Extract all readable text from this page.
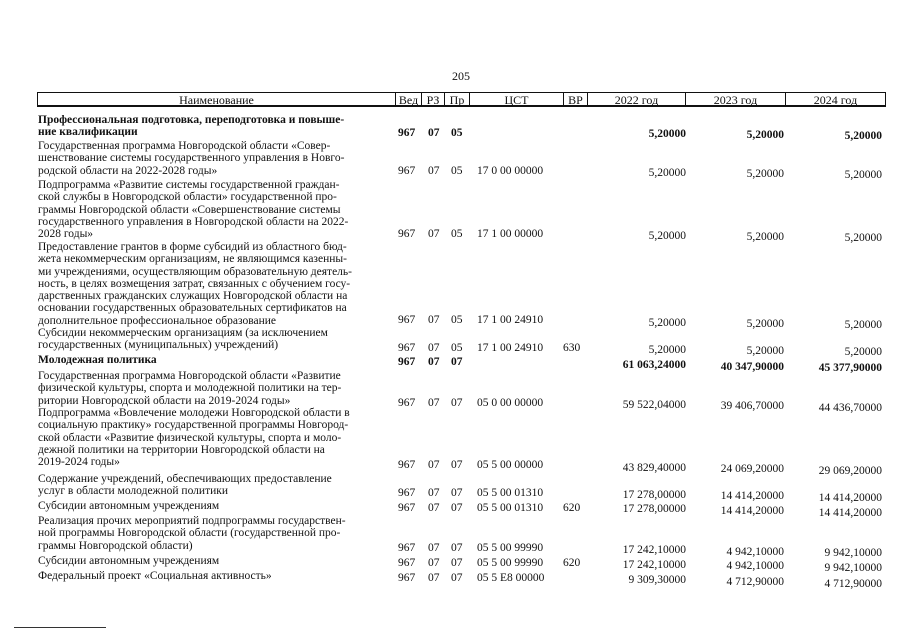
205
Наименование	Вед РЗ Пр	ЦСТ	ВР	2022 год	2023 год	2024 год
Профессиональная подготовка, переподготовка и повыше-
ние квалификации	967 07 05	5,20000	5,20000	5,20000
Государственная программа Новгородской области «Совер-
шенствование системы государственного управления в Новго-
родской области на 2022-2028 годы»	967 07 05 17 0 00 00000	5,20000	5,20000	5,20000
Подпрограмма «Развитие системы государственной граждан-
ской службы в Новгородской области» государственной про-
граммы Новгородской области «Совершенствование системы
государственного управления в Новгородской области на 2022-
2028 годы»	967 07 05 17 1 00 00000	5,20000	5,20000	5,20000
Предоставление грантов в форме субсидий из областного бюд-
жета некоммерческим организациям, не являющимся казенны-
ми учреждениями, осуществляющим образовательную деятель-
ность, в целях возмещения затрат, связанных с обучением госу-
дарственных гражданских служащих Новгородской области на
основании государственных образовательных сертификатов на
дополнительное профессиональное образование	967 07 05 17 1 00 24910	5,20000	5,20000	5,20000
Субсидии некоммерческим организациям (за исключением
государственных (муниципальных) учреждений)	967 07 05 17 1 00 24910 630	5,20000	5,20000	5,20000
Молодежная политика	967 07 07	61 063,24000	40 347,90000	45 377,90000
Государственная программа Новгородской области «Развитие
физической культуры, спорта и молодежной политики на тер-
ритории Новгородской области на 2019-2024 годы»	967 07 07 05 0 00 00000	59 522,04000	39 406,70000	44 436,70000
Подпрограмма «Вовлечение молодежи Новгородской области в
социальную практику» государственной программы Новгород-
ской области «Развитие физической культуры, спорта и моло-
дежной политики на территории Новгородской области на
2019-2024 годы»	967 07 07 05 5 00 00000	43 829,40000	24 069,20000	29 069,20000
Содержание учреждений, обеспечивающих предоставление
услуг в области молодежной политики	967 07 07 05 5 00 01310	17 278,00000	14 414,20000	14 414,20000
Субсидии автономным учреждениям	967 07 07 05 5 00 01310 620	17 278,00000	14 414,20000	14 414,20000
Реализация прочих мероприятий подпрограммы государствен-
ной программы Новгородской области (государственной про-
граммы Новгородской области)	967 07 07 05 5 00 99990	17 242,10000	4 942,10000	9 942,10000
Субсидии автономным учреждениям	967 07 07 05 5 00 99990 620	17 242,10000	4 942,10000	9 942,10000
Федеральный проект «Социальная активность»	967 07 07 05 5 E8 00000	9 309,30000	4 712,90000	4 712,90000
